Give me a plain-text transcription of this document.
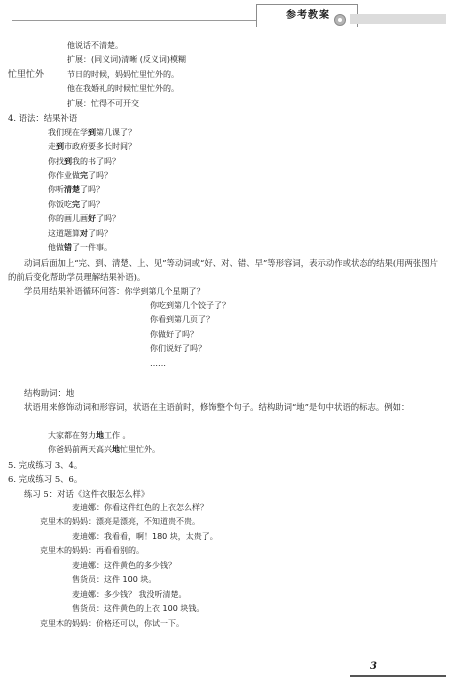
参考教案
他说话不清楚。
扩展：(同义词)清晰 (反义词)模糊
忙里忙外	节日的时候，妈妈忙里忙外的。
他在我婚礼的时候忙里忙外的。
扩展：忙得不可开交
4. 语法：结果补语
我们现在学到第几课了？
走到市政府要多长时间？
你找到我的书了吗？
你作业做完了吗？
你听清楚了吗？
你饭吃完了吗？
你的画儿画好了吗？
这道题算对了吗？
他做错了一件事。
动词后面加上“完、到、清楚、上、见”等动词或“好、对、错、早”等形容词，表示动作或状态的结果(用两张图片的前后变化帮助学员理解结果补语)。
学员用结果补语循环问答：你学到第几个星期了？
你吃到第几个饺子了？
你看到第几页了？
你做好了吗？
你们说好了吗？
……
结构助词：地
状语用来修饰动词和形容词，状语在主语前时，修饰整个句子。结构助词“地”是句中状语的标志。例如：
大家都在努力地工作 。
你爸妈前两天高兴地忙里忙外。
5. 完成练习 3、4。
6. 完成练习 5、6。
练习 5：对话《这件衣服怎么样》
麦迪娜：你看这件红色的上衣怎么样？
克里木的妈妈：漂亮是漂亮，不知道贵不贵。
麦迪娜：我看看，啊！180 块，太贵了。
克里木的妈妈：再看看别的。
麦迪娜：这件黄色的多少钱？
售货员：这件 100 块。
麦迪娜：多少钱？ 我没听清楚。
售货员：这件黄色的上衣 100 块钱。
克里木的妈妈：价格还可以，你试一下。
3
